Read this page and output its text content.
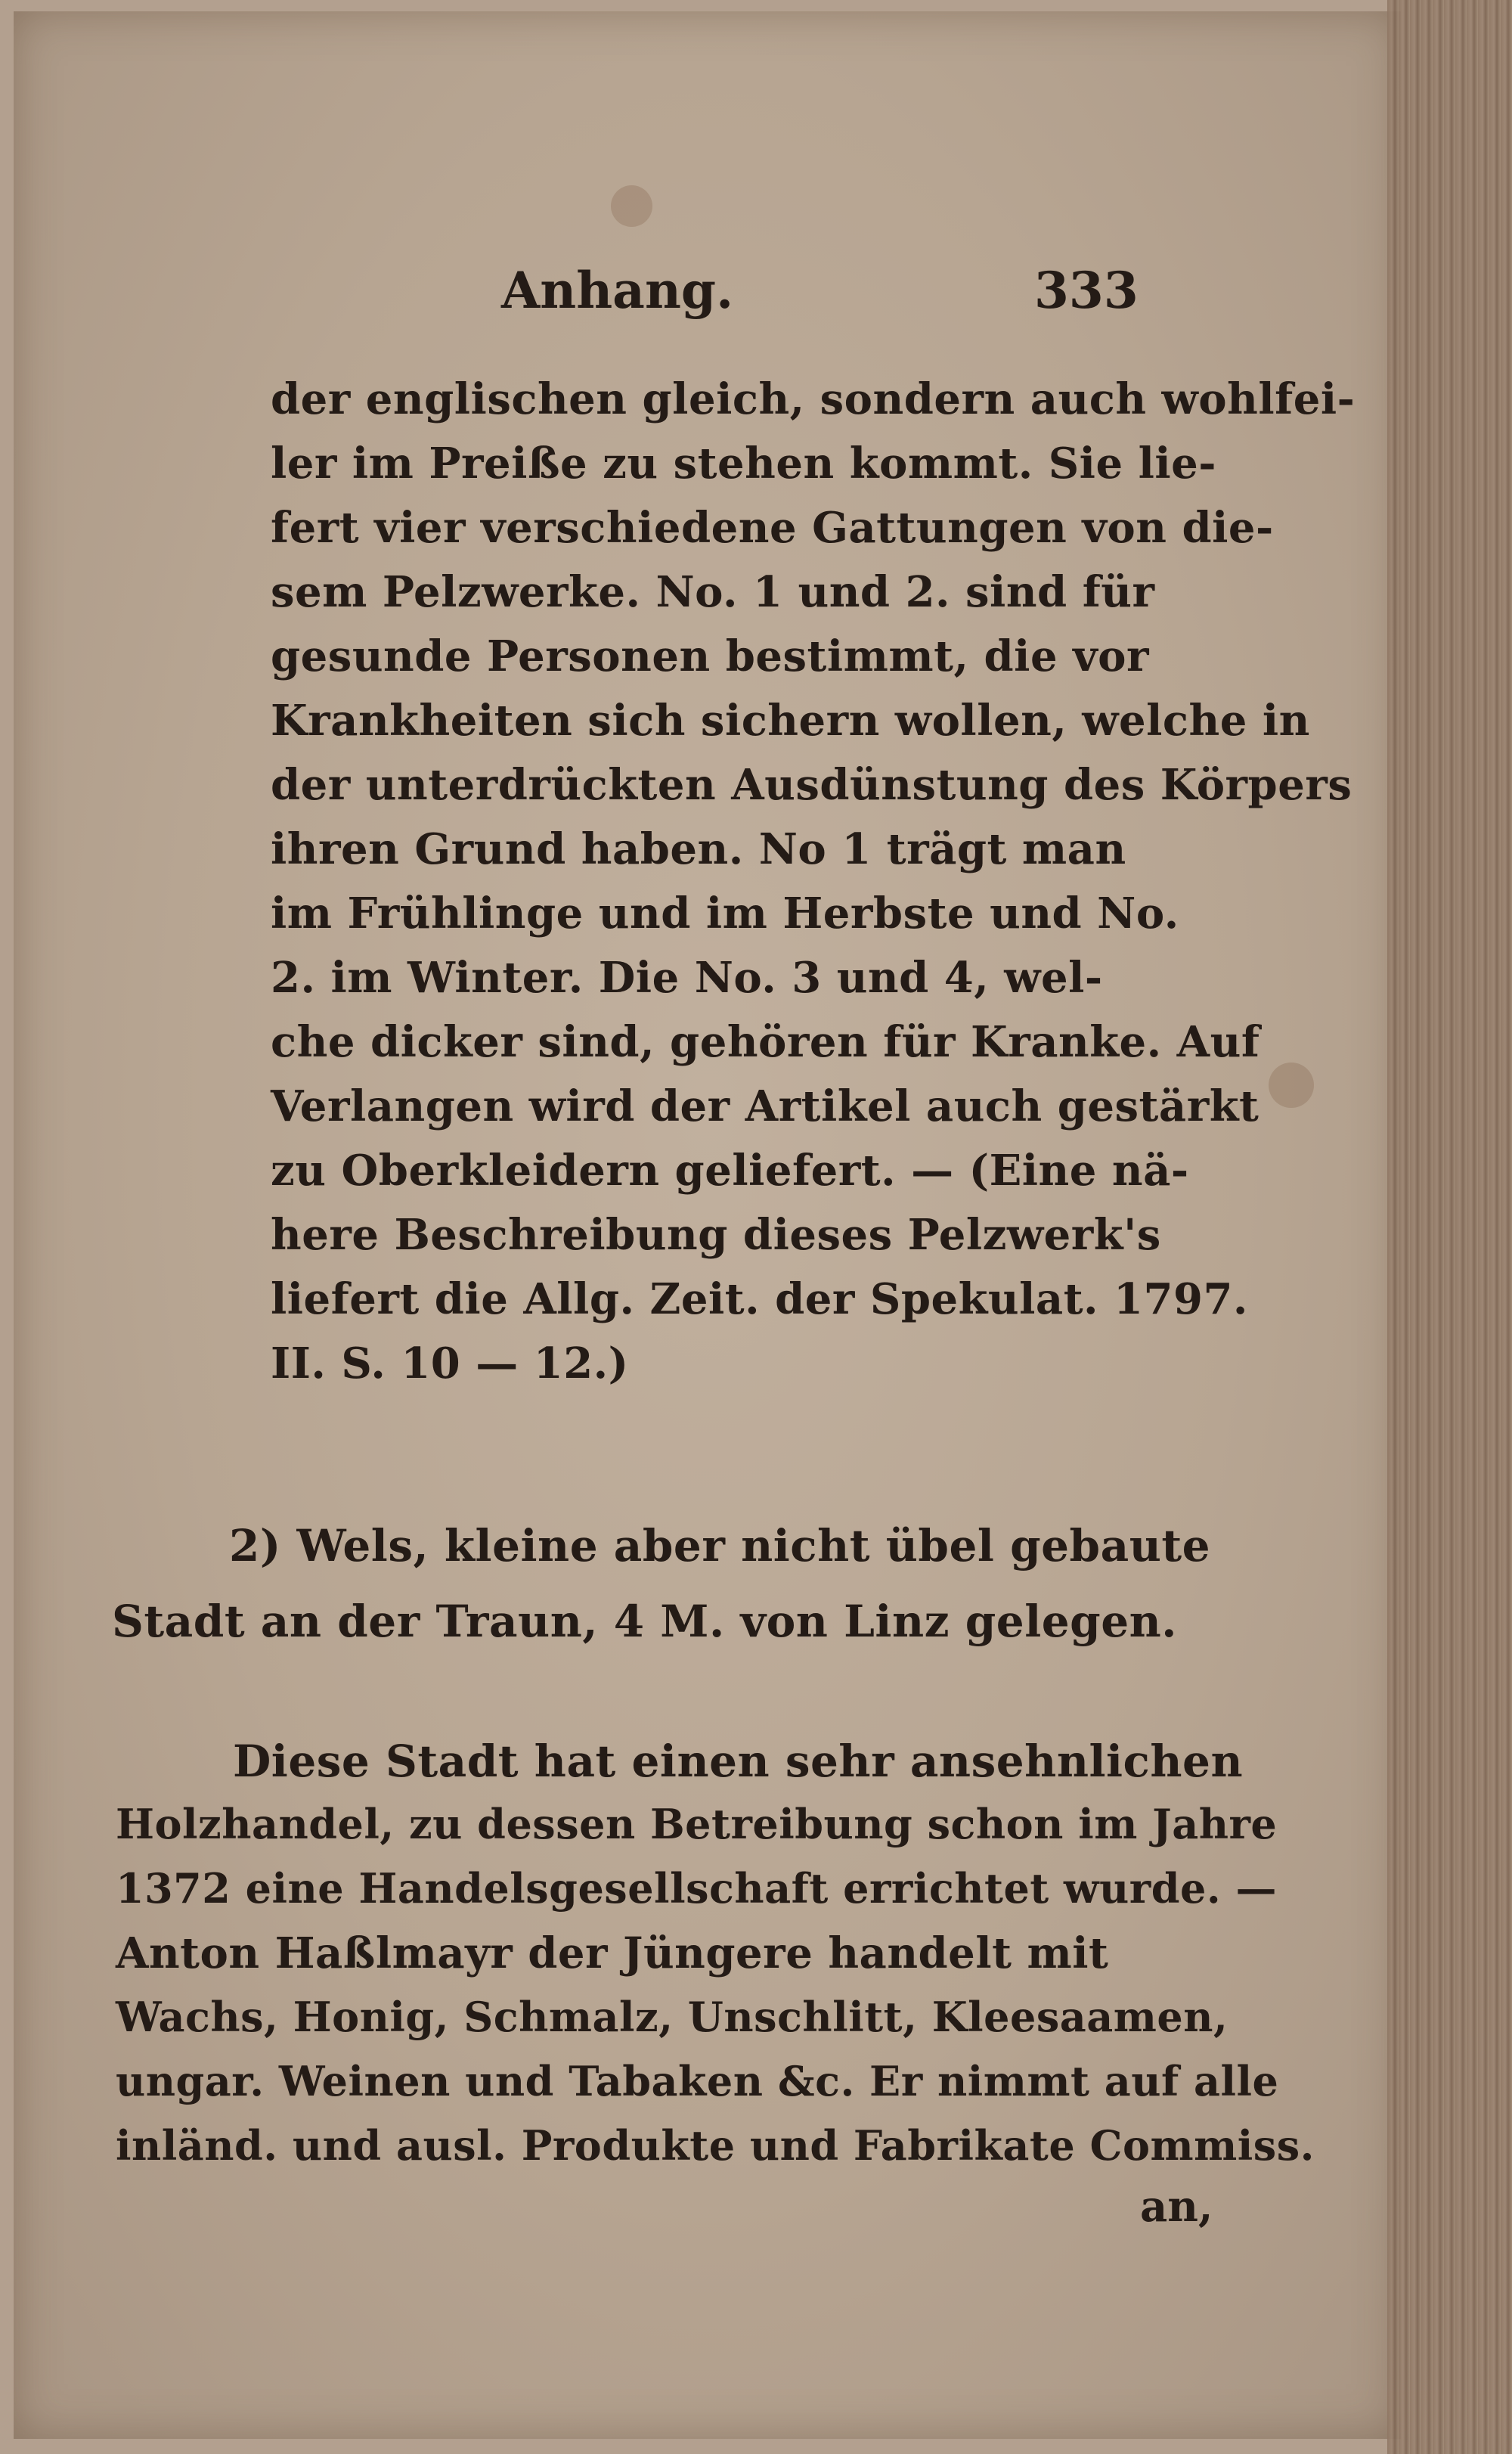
Anhang.	333
der englischen gleich, sondern auch wohlfei-
ler im Preiße zu stehen kommt. Sie lie-
fert vier verschiedene Gattungen von die-
sem Pelzwerke. No. 1 und 2. sind für
gesunde Personen bestimmt, die vor
Krankheiten sich sichern wollen, welche in
der unterdrückten Ausdünstung des Körpers
ihren Grund haben. No 1 trägt man
im Frühlinge und im Herbste und No.
2. im Winter. Die No. 3 und 4, wel-
che dicker sind, gehören für Kranke. Auf
Verlangen wird der Artikel auch gestärkt
zu Oberkleidern geliefert. — (Eine nä-
here Beschreibung dieses Pelzwerk's
liefert die Allg. Zeit. der Spekulat. 1797.
II. S. 10 — 12.)
2) Wels, kleine aber nicht übel gebaute
Stadt an der Traun, 4 M. von Linz gelegen.
Diese Stadt hat einen sehr ansehnlichen
Holzhandel, zu dessen Betreibung schon im Jahre
1372 eine Handelsgesellschaft errichtet wurde. —
Anton Haßlmayr der Jüngere handelt mit
Wachs, Honig, Schmalz, Unschlitt, Kleesaamen,
ungar. Weinen und Tabaken &c. Er nimmt auf alle
inländ. und ausl. Produkte und Fabrikate Commiss.
an,
